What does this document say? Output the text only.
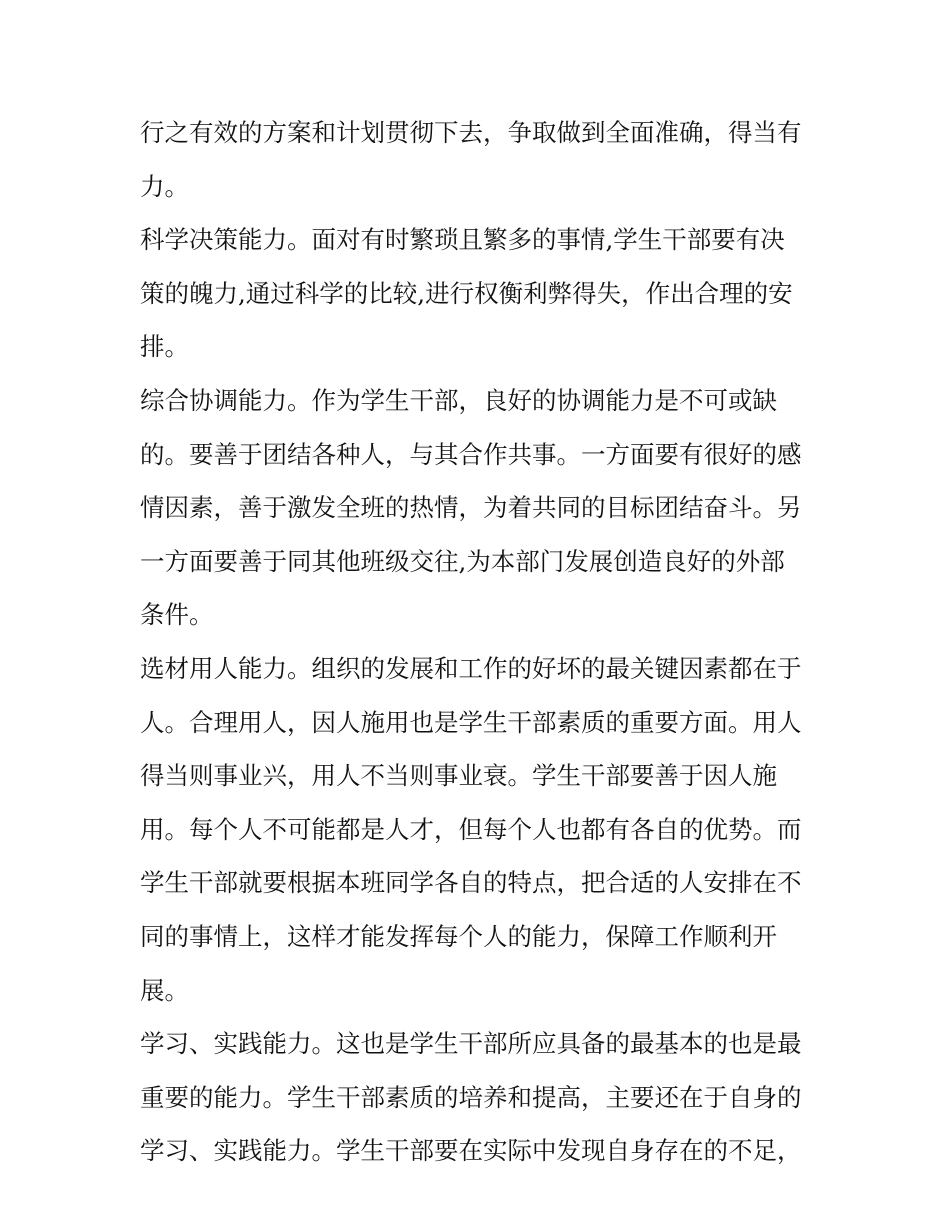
行之有效的方案和计划贯彻下去，争取做到全面准确，得当有
力。
科学决策能力。面对有时繁琐且繁多的事情,学生干部要有决
策的魄力,通过科学的比较,进行权衡利弊得失，作出合理的安
排。
综合协调能力。作为学生干部，良好的协调能力是不可或缺
的。要善于团结各种人，与其合作共事。一方面要有很好的感
情因素，善于激发全班的热情，为着共同的目标团结奋斗。另
一方面要善于同其他班级交往,为本部门发展创造良好的外部
条件。
选材用人能力。组织的发展和工作的好坏的最关键因素都在于
人。合理用人，因人施用也是学生干部素质的重要方面。用人
得当则事业兴，用人不当则事业衰。学生干部要善于因人施
用。每个人不可能都是人才，但每个人也都有各自的优势。而
学生干部就要根据本班同学各自的特点，把合适的人安排在不
同的事情上，这样才能发挥每个人的能力，保障工作顺利开
展。
学习、实践能力。这也是学生干部所应具备的最基本的也是最
重要的能力。学生干部素质的培养和提高，主要还在于自身的
学习、实践能力。学生干部要在实际中发现自身存在的不足，
